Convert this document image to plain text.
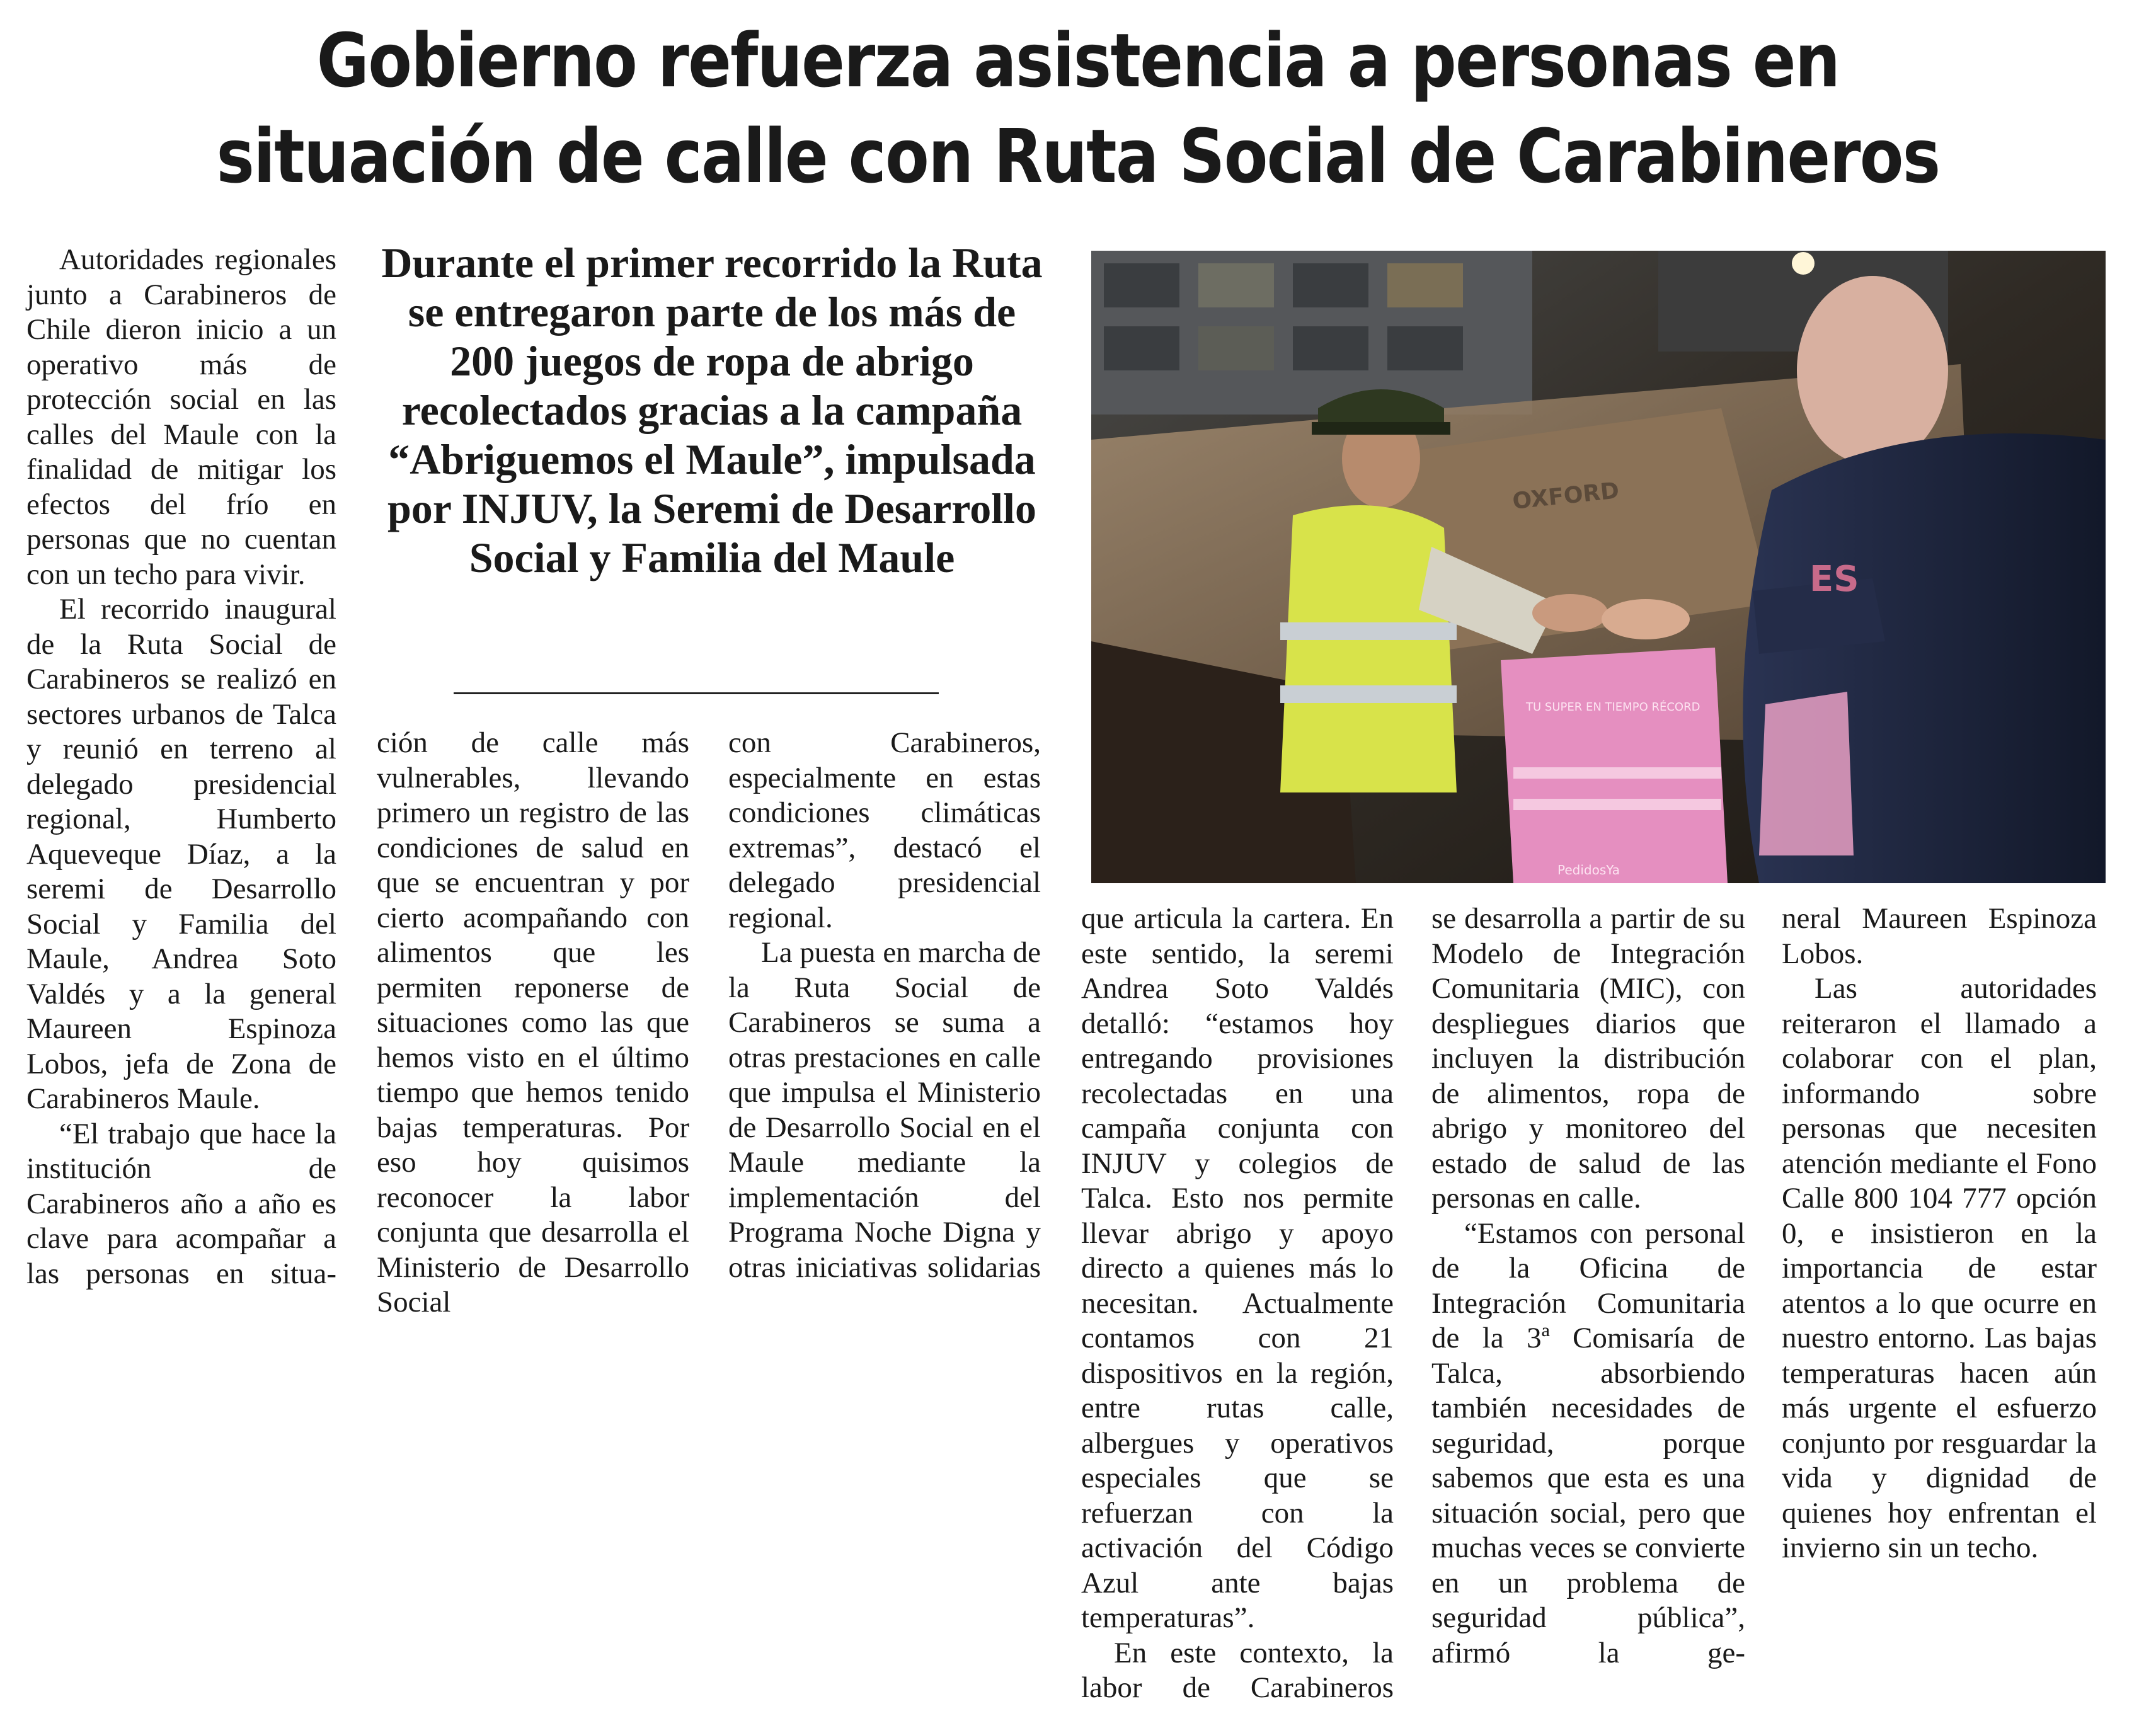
Gobierno refuerza asistencia a personas en
situación de calle con Ruta Social de Carabineros

Autoridades regionales junto a Carabineros de Chile dieron inicio a un operativo más de protección social en las calles del Maule con la finalidad de mitigar los efectos del frío en personas que no cuentan con un techo para vivir.

El recorrido inaugural de la Ruta Social de Carabineros se realizó en sectores urbanos de Talca y reunió en terreno al delegado presidencial regional, Humberto Aqueveque Díaz, a la seremi de Desarrollo Social y Familia del Maule, Andrea Soto Valdés y a la general Maureen Espinoza Lobos, jefa de Zona de Carabineros Maule.

“El trabajo que hace la institución de Carabineros año a año es clave para acompañar a las personas en situa-

Durante el primer recorrido la Ruta se entregaron parte de los más de 200 juegos de ropa de abrigo recolectados gracias a la campaña “Abriguemos el Maule”, impulsada por INJUV, la Seremi de Desarrollo Social y Familia del Maule

ción de calle más vulnerables, llevando primero un registro de las condiciones de salud en que se encuentran y por cierto acompañando con alimentos que les permiten reponerse de situaciones como las que hemos visto en el último tiempo que hemos tenido bajas temperaturas. Por eso hoy quisimos reconocer la labor conjunta que desarrolla el Ministerio de Desarrollo Social

con Carabineros, especialmente en estas condiciones climáticas extremas”, destacó el delegado presidencial regional.

La puesta en marcha de la Ruta Social de Carabineros se suma a otras prestaciones en calle que impulsa el Ministerio de Desarrollo Social en el Maule mediante la implementación del Programa Noche Digna y otras iniciativas solidarias

OXFORD
TU SUPER EN TIEMPO RÉCORD
PedidosYa
ES

que articula la cartera. En este sentido, la seremi Andrea Soto Valdés detalló: “estamos hoy entregando provisiones recolectadas en una campaña conjunta con INJUV y colegios de Talca. Esto nos permite llevar abrigo y apoyo directo a quienes más lo necesitan. Actualmente contamos con 21 dispositivos en la región, entre rutas calle, albergues y operativos especiales que se refuerzan con la activación del Código Azul ante bajas temperaturas”.

En este contexto, la labor de Carabineros

se desarrolla a partir de su Modelo de Integración Comunitaria (MIC), con despliegues diarios que incluyen la distribución de alimentos, ropa de abrigo y monitoreo del estado de salud de las personas en calle.

“Estamos con personal de la Oficina de Integración Comunitaria de la 3ª Comisaría de Talca, absorbiendo también necesidades de seguridad, porque sabemos que esta es una situación social, pero que muchas veces se convierte en un problema de seguridad pública”, afirmó la ge-

neral Maureen Espinoza Lobos.

Las autoridades reiteraron el llamado a colaborar con el plan, informando sobre personas que necesiten atención mediante el Fono Calle 800 104 777 opción 0, e insistieron en la importancia de estar atentos a lo que ocurre en nuestro entorno. Las bajas temperaturas hacen aún más urgente el esfuerzo conjunto por resguardar la vida y dignidad de quienes hoy enfrentan el invierno sin un techo.
